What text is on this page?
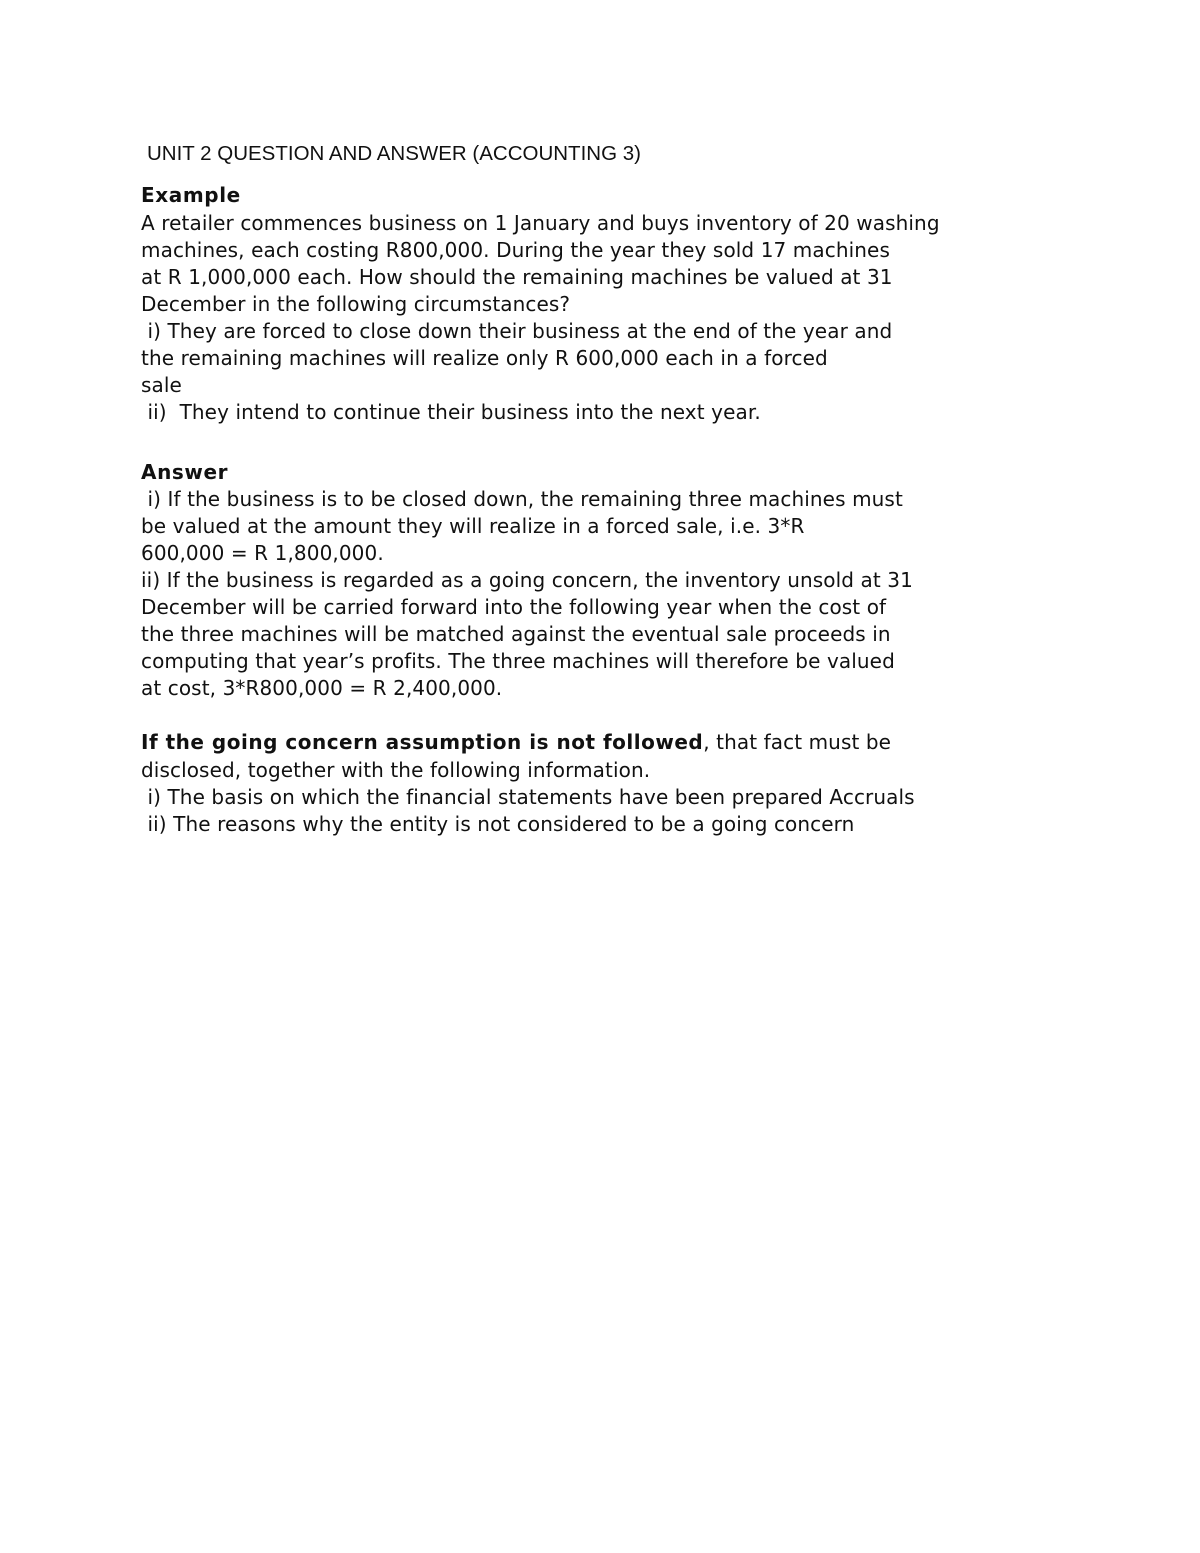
UNIT 2 QUESTION AND ANSWER (ACCOUNTING 3)

Example

A retailer commences business on 1 January and buys inventory of 20 washing

machines, each costing R800,000. During the year they sold 17 machines

at R 1,000,000 each. How should the remaining machines be valued at 31

December in the following circumstances?

i) They are forced to close down their business at the end of the year and

the remaining machines will realize only R 600,000 each in a forced

sale

ii)  They intend to continue their business into the next year.

Answer

i) If the business is to be closed down, the remaining three machines must

be valued at the amount they will realize in a forced sale, i.e. 3*R

600,000 = R 1,800,000.

ii) If the business is regarded as a going concern, the inventory unsold at 31

December will be carried forward into the following year when the cost of

the three machines will be matched against the eventual sale proceeds in

computing that year’s profits. The three machines will therefore be valued

at cost, 3*R800,000 = R 2,400,000.

If the going concern assumption is not followed, that fact must be

disclosed, together with the following information.

i) The basis on which the financial statements have been prepared Accruals

ii) The reasons why the entity is not considered to be a going concern
